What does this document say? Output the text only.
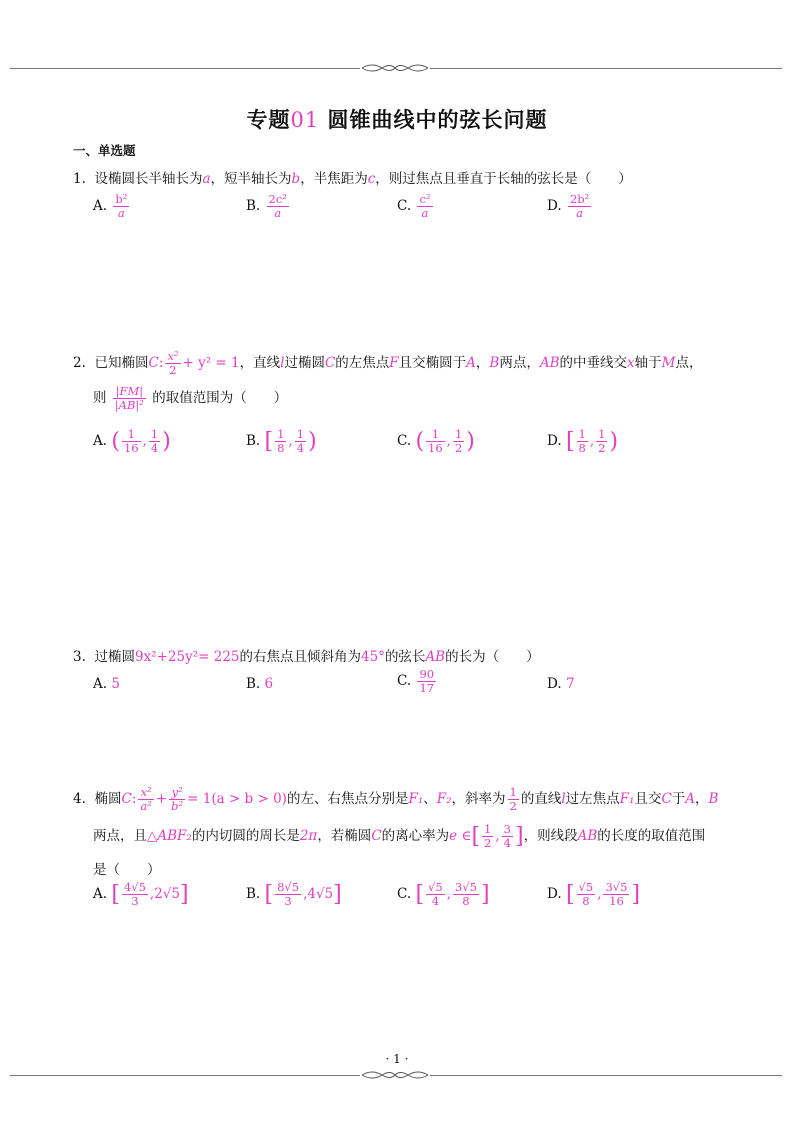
专题01 圆锥曲线中的弦长问题
一、单选题
1. 设椭圆长半轴长为a，短半轴长为b，半焦距为c，则过焦点且垂直于长轴的弦长是（　　）
A. $\frac{\text{b²}}{a}$	B. $\frac{\text{2c²}}{a}$	C. $\frac{\text{c²}}{a}$	D. $\frac{\text{2b²}}{a}$
2. 已知椭圆C: $\frac{\text{x²}}{2} + y^2 = 1$，直线l过椭圆C的左焦点F且交椭圆于A，B两点，AB的中垂线交x轴于M点，
则 $\frac{|FM|}{\text{|AB|²}}$ 的取值范围为（　　）
A. ( $\frac{1}{16}$ , $\frac{1}{4}$ )	B. [ $\frac{1}{8}$ , $\frac{1}{4}$ )	C. ( $\frac{1}{16}$ , $\frac{1}{2}$ )	D. [ $\frac{1}{8}$ , $\frac{1}{2}$ )
3. 过椭圆9x²+25y²= 225的右焦点且倾斜角为45°的弦长AB的长为（　　）
A. 5	B. 6	C. $\frac{90}{17}$	D. 7
4. 椭圆C: $\frac{\text{x²}}{\text{a²}} + \frac{\text{y²}}{\text{b²}} = 1(a > b > 0)$的左、右焦点分别是F₁、F₂，斜率为 $\frac{1}{2}$ 的直线l过左焦点F₁且交C于A，B
两点，且△ABF₂的内切圆的周长是2π，若椭圆C的离心率为e ∈[ $\frac{1}{2}$ , $\frac{3}{4}$ ]，则线段AB的长度的取值范围
是（　　）
A. [ $\frac{4√5}{3} ,2√5$]	B. [ $\frac{8√5}{3} ,4√5$]	C. [ $\frac{√5}{4}$ , $\frac{3√5}{8}$ ]	D. [ $\frac{√5}{8}$ , $\frac{3√5}{16}$ ]
· 1 ·
